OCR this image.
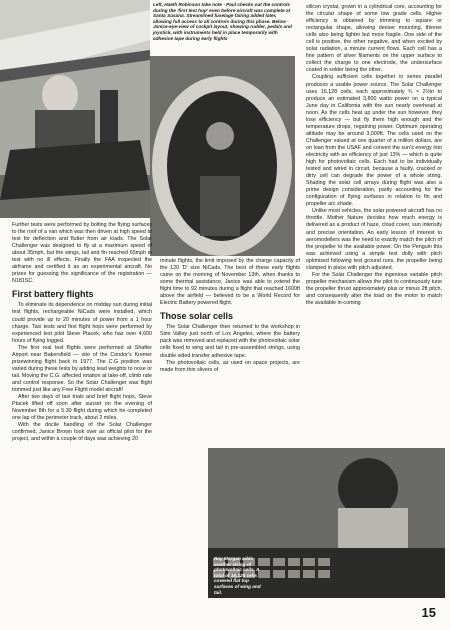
Left, Haeth Robinson take note · Paul checks out the controls during the 'first test hop' even before aircraft was complete at Santa Susana. Streamlined fuselage fairing added later, allowing full access to all controls during this phase. Below · Janice-eye-view of cockpit layout, showing rudder, pedals and joystick, with instruments held in place temporarily with adhesive tape during early flights

Further tests were performed by bolting the flying surfaces to the roof of a van which was then driven at high speed to test for deflection and flutter from air loads. The Solar Challenger was designed to fly at a maximum speed of about 35mph, but the wings, tail and fin reached 65mph in test with no ill effects. Finally the FAA inspected the airframe and certified it as an experimental aircraft. No prizes for guessing the significance of the registration — N181SC.

First battery flights

To eliminate its dependence on midday sun during initial test flights, rechargeable NiCads were installed, which could provide up to 20 minutes of power from a 1 hour charge. Taxi tests and first flight hops were performed by experienced test pilot Steve Ptacek, who has over 4,600 hours of flying logged.

The first real test flights were performed at Shafter Airport near Bakersfield — site of the Condor's Kremer prizewinning flight back in 1977. The C.G position was varied during these tests by adding lead weights to nose or tail. Moving the C.G. affected rotation at take-off, climb rate and control response. So the Solar Challenger was flight trimmed just like any Free Flight model aircraft!

After two days of taxi trials and brief flight hops, Steve Ptacek lifted off soon after sunset on the evening of November 8th for a 5.30 flight during which he completed one lap of the perimeter track, about 2 miles.

With the docile handling of the Solar Challenger confirmed, Janice Brown took over as official pilot for the project, and within a couple of days was achieving 20

minute flights, the limit imposed by the charge capacity of the 120 'D' size NiCads. The best of these early flights came on the morning of November 13th, when thanks to some thermal assistance, Janice was able to extend the flight time to 92 minutes during a flight that reached 1600ft above the airfield — believed to be a World Record for Electric Battery powered flight.

Those solar cells

The Solar Challenger then returned to the workshop in Simi Valley just north of Los Angeles, where the battery pack was removed and replaced with the photovoltaic solar cells fixed to wing and tail in pre-assembled strings, using double sided transfer adhesive tape.

The photovoltaic cells, as used on space projects, are made from thin slivers of

silicon crystal, grown in a cylindrical core, accounting for the circular shape of some low grade cells. Higher efficiency is obtained by trimming to square or rectangular shape, allowing denser mounting, thinner cells also being lighter but more fragile. One side of the cell is positive, the other negative, and when excited by solar radiation, a minute current flows. Each cell has a fine pattern of silver filaments on the upper surface to collect the charge to one electrode, the undersurface coated in solder being the other.

Coupling sufficient cells together in series parallel produces a usable power source. The Solar Challenger uses 16,128 cells, each approximately ¾ × 2½in to produce an estimated 3,800 watts power on a typical June day in California with the sun nearly overhead at noon. As the cells heat up under the sun however, they lose efficiency — but fly them high enough and the temperature drops, regaining power. Optimum operating altitude may be around 3,000ft. The cells used on the Challenger valued at one quarter of a million dollars, are on loan from the USAF and convert the sun's energy into electricity with an efficiency of just 13% — which is quite high for photovoltaic cells. Each had to be individually tested and wired in circuit, because a faulty, cracked or dirty cell can degrade the power of a whole string. Shading the solar cell arrays during flight was also a prime design consideration, partly accounting for the configuration of flying surfaces in relation to fin and propeller arc shade.

Unlike most vehicles, the solar powered aircraft has no throttle. Mother Nature decides how much energy is delivered as a product of haze, cloud cover, sun intensity and precise orientation. An early lesson of interest to aeromodellers was the need to exactly match the pitch of the propeller to the available power. On the Penguin this was achieved using a simple test dolly with pitch optimised following test ground runs, the propeller being clamped in place with pitch adjusted.

For the Solar Challenger the ingenious variable pitch propeller mechanism allows the pilot to continuously tune the propeller thrust approximately plus or minus 2ft pitch, and consequently alter the load on the motor to match the available in-coming

Ray Morgan adds another string of photovoltaic cells. A total of 16,128 cells covered flat top surfaces of wing and tail.
15
